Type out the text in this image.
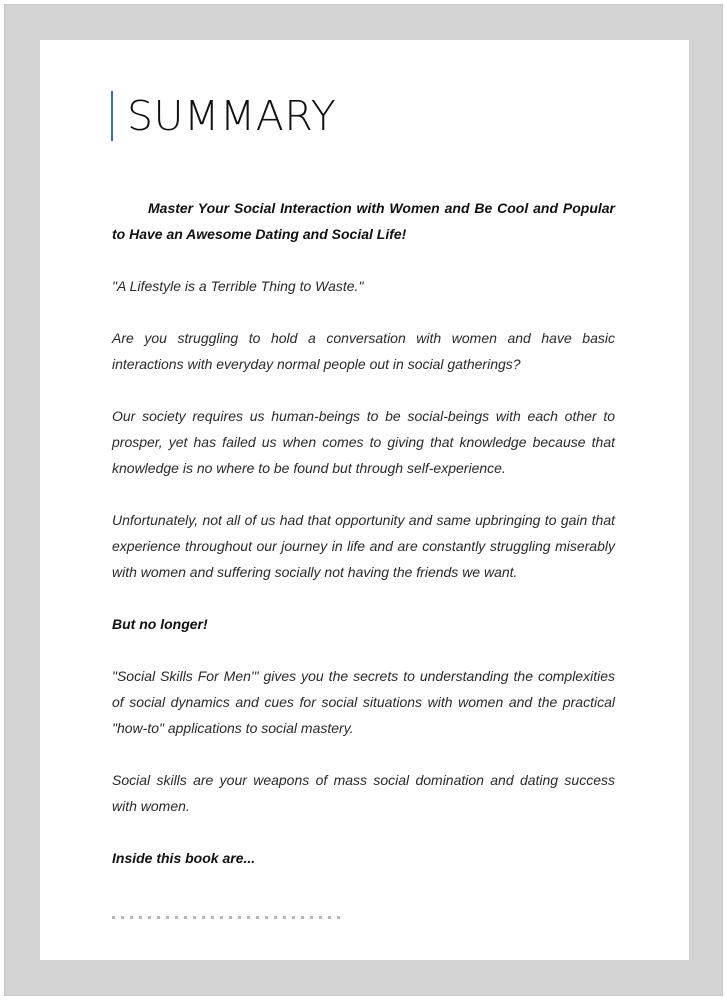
SUMMARY

Master Your Social Interaction with Women and Be Cool and Popular to Have an Awesome Dating and Social Life!

"A Lifestyle is a Terrible Thing to Waste."

Are you struggling to hold a conversation with women and have basic interactions with everyday normal people out in social gatherings?

Our society requires us human-beings to be social-beings with each other to prosper, yet has failed us when comes to giving that knowledge because that knowledge is no where to be found but through self-experience.

Unfortunately, not all of us had that opportunity and same upbringing to gain that experience throughout our journey in life and are constantly struggling miserably with women and suffering socially not having the friends we want.

But no longer!

"Social Skills For Men'" gives you the secrets to understanding the complexities of social dynamics and cues for social situations with women and the practical "how-to" applications to social mastery.

Social skills are your weapons of mass social domination and dating success with women.

Inside this book are...
